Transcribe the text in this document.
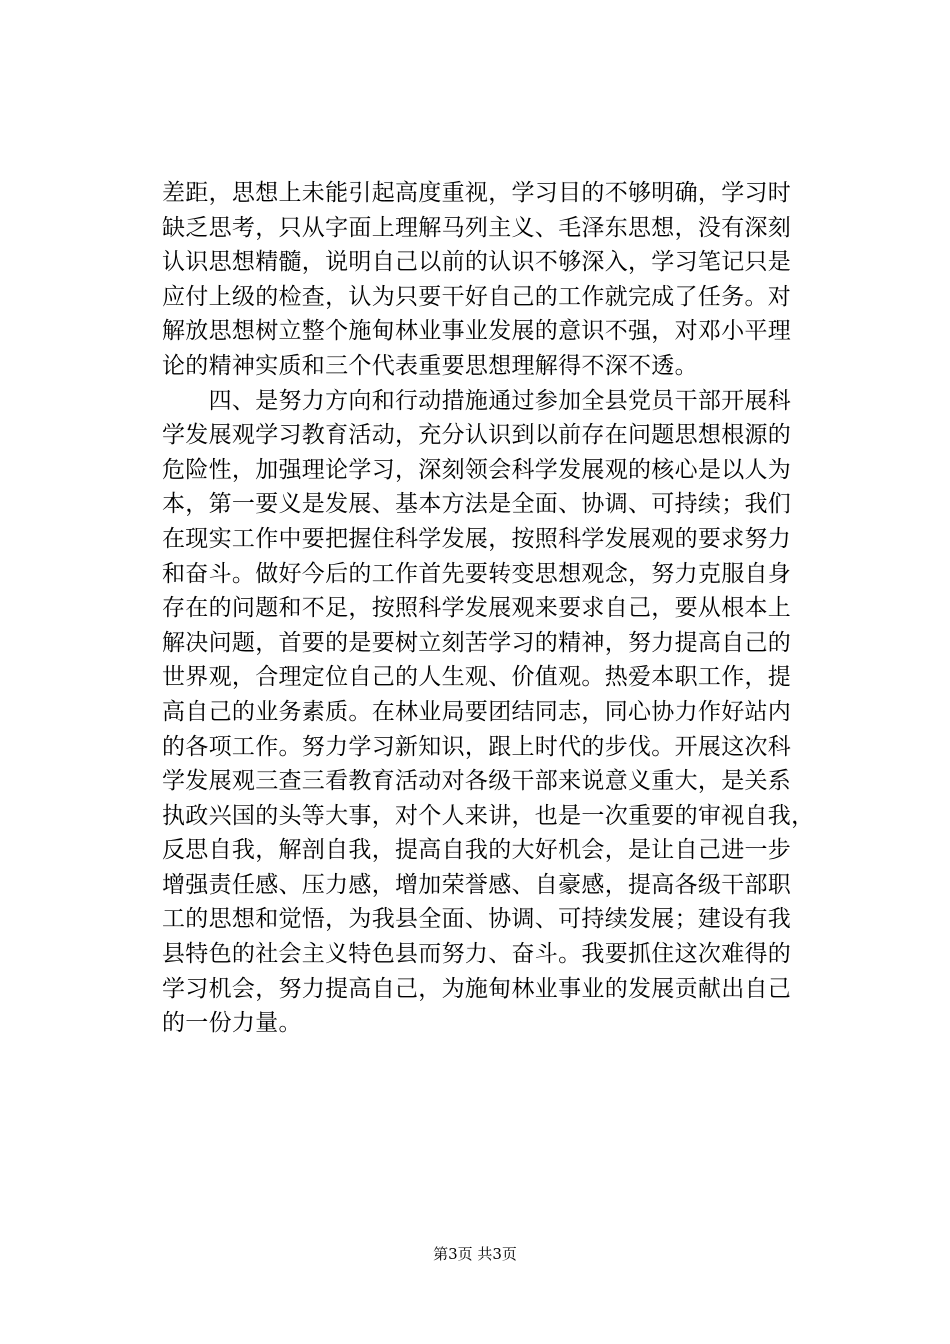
差距，思想上未能引起高度重视，学习目的不够明确，学习时
缺乏思考，只从字面上理解马列主义、毛泽东思想，没有深刻
认识思想精髓，说明自己以前的认识不够深入，学习笔记只是
应付上级的检查，认为只要干好自己的工作就完成了任务。对
解放思想树立整个施甸林业事业发展的意识不强，对邓小平理
论的精神实质和三个代表重要思想理解得不深不透。
　　四、是努力方向和行动措施通过参加全县党员干部开展科
学发展观学习教育活动，充分认识到以前存在问题思想根源的
危险性，加强理论学习，深刻领会科学发展观的核心是以人为
本，第一要义是发展、基本方法是全面、协调、可持续；我们
在现实工作中要把握住科学发展，按照科学发展观的要求努力
和奋斗。做好今后的工作首先要转变思想观念，努力克服自身
存在的问题和不足，按照科学发展观来要求自己，要从根本上
解决问题，首要的是要树立刻苦学习的精神，努力提高自己的
世界观，合理定位自己的人生观、价值观。热爱本职工作，提
高自己的业务素质。在林业局要团结同志，同心协力作好站内
的各项工作。努力学习新知识，跟上时代的步伐。开展这次科
学发展观三查三看教育活动对各级干部来说意义重大，是关系
执政兴国的头等大事，对个人来讲，也是一次重要的审视自我，
反思自我，解剖自我，提高自我的大好机会，是让自己进一步
增强责任感、压力感，增加荣誉感、自豪感，提高各级干部职
工的思想和觉悟，为我县全面、协调、可持续发展；建设有我
县特色的社会主义特色县而努力、奋斗。我要抓住这次难得的
学习机会，努力提高自己，为施甸林业事业的发展贡献出自己
的一份力量。
第3页 共3页
